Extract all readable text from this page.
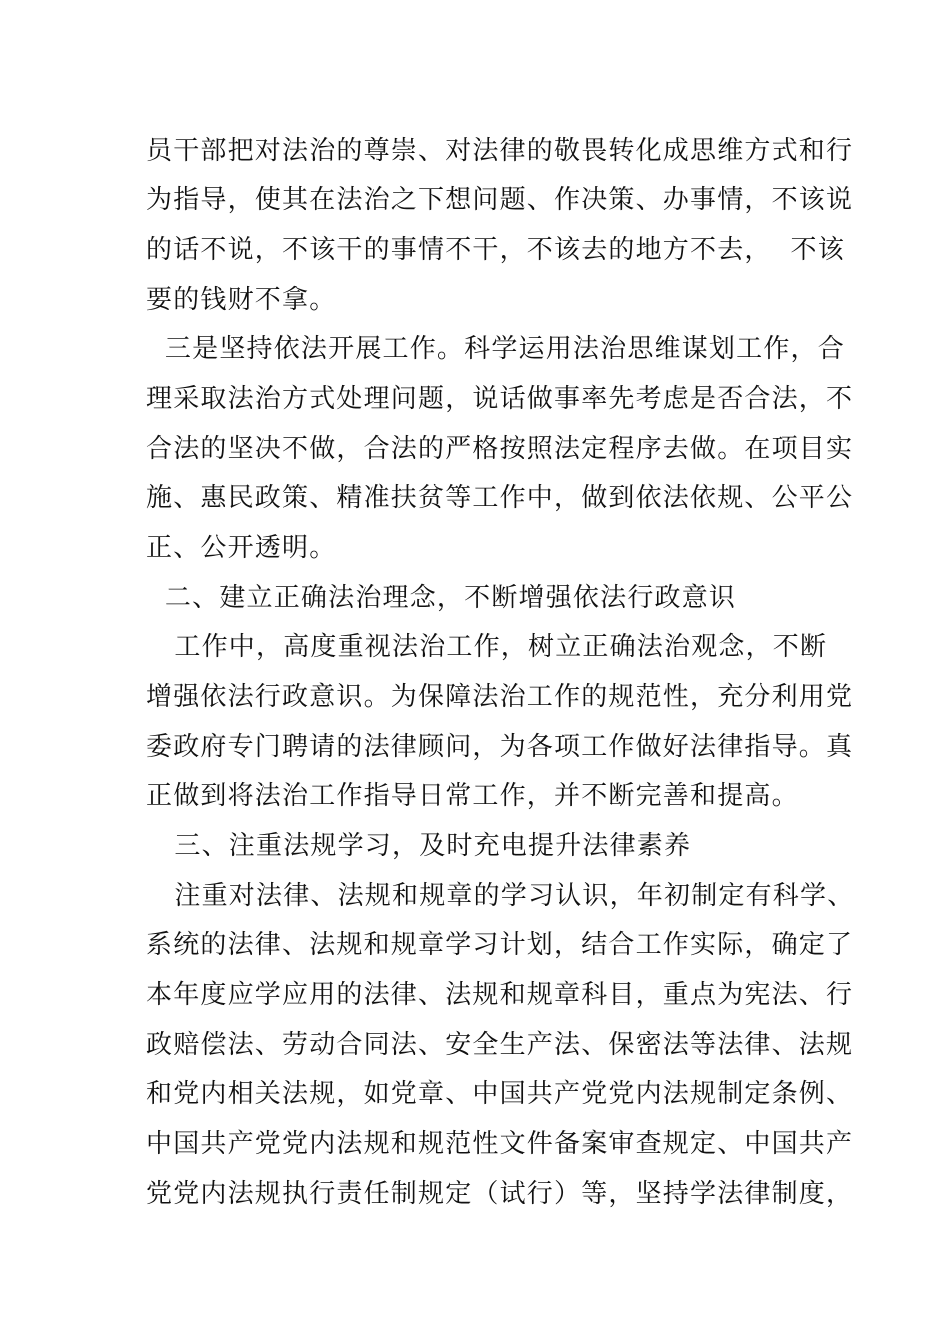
员干部把对法治的尊崇、对法律的敬畏转化成思维方式和行
为指导，使其在法治之下想问题、作决策、办事情，不该说
的话不说，不该干的事情不干，不该去的地方不去，  不该
要的钱财不拿。
三是坚持依法开展工作。科学运用法治思维谋划工作，合
理采取法治方式处理问题，说话做事率先考虑是否合法，不
合法的坚决不做，合法的严格按照法定程序去做。在项目实
施、惠民政策、精准扶贫等工作中，做到依法依规、公平公
正、公开透明。
二、建立正确法治理念，不断增强依法行政意识
工作中，高度重视法治工作，树立正确法治观念，不断
增强依法行政意识。为保障法治工作的规范性，充分利用党
委政府专门聘请的法律顾问，为各项工作做好法律指导。真
正做到将法治工作指导日常工作，并不断完善和提高。
三、注重法规学习，及时充电提升法律素养
注重对法律、法规和规章的学习认识，年初制定有科学、
系统的法律、法规和规章学习计划，结合工作实际，确定了
本年度应学应用的法律、法规和规章科目，重点为宪法、行
政赔偿法、劳动合同法、安全生产法、保密法等法律、法规
和党内相关法规，如党章、中国共产党党内法规制定条例、
中国共产党党内法规和规范性文件备案审查规定、中国共产
党党内法规执行责任制规定（试行）等，坚持学法律制度，
